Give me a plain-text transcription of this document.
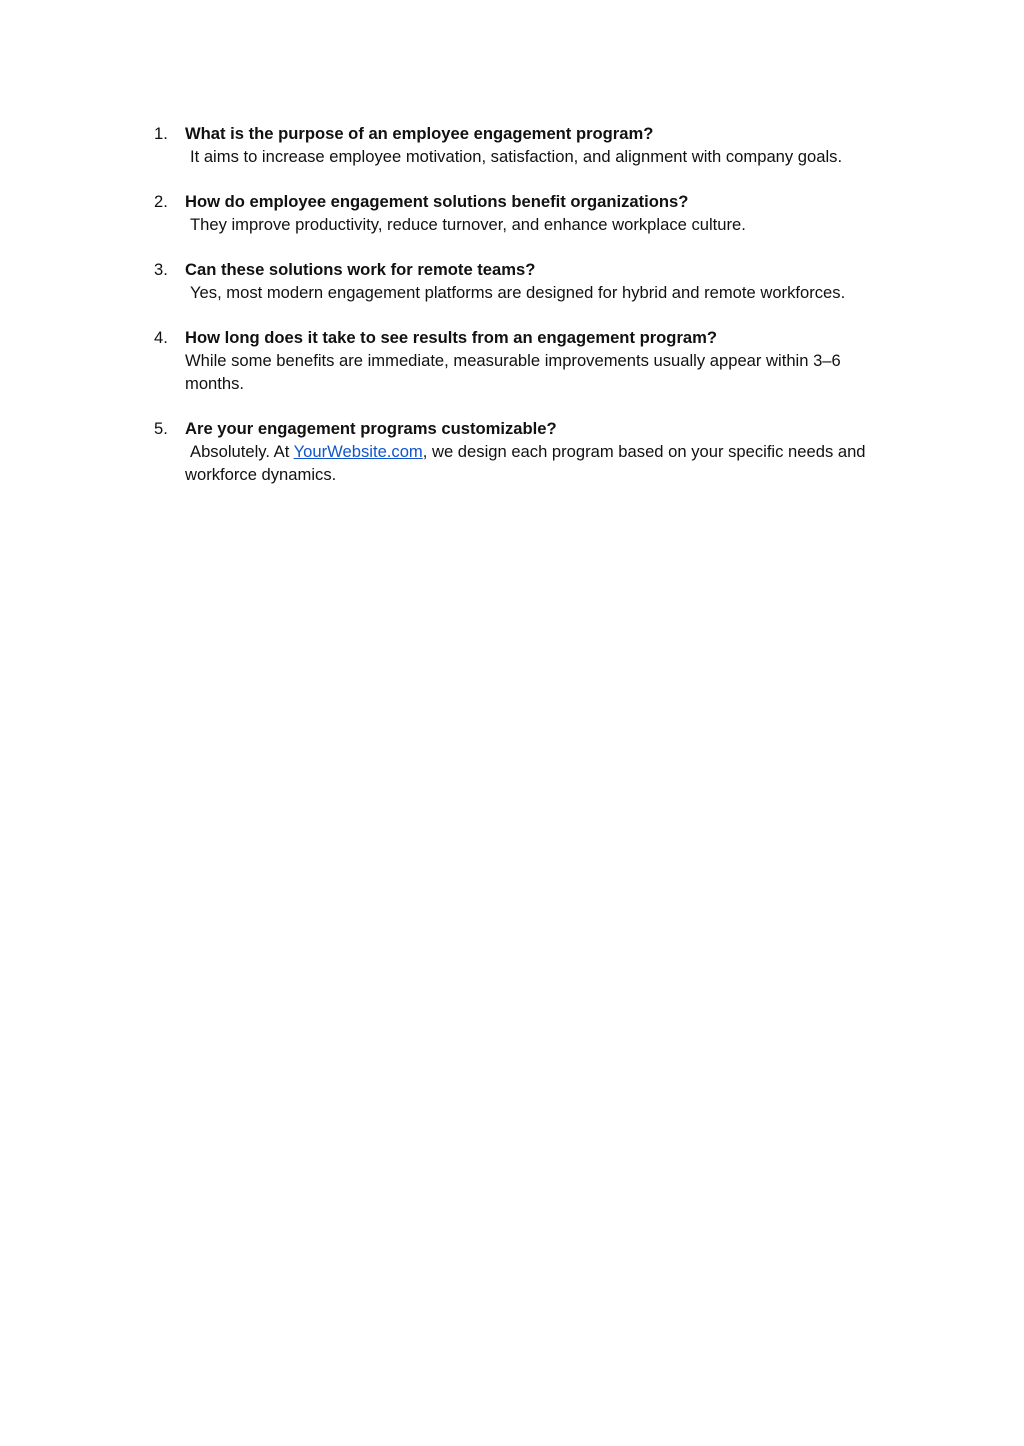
1.	What is the purpose of an employee engagement program?
It aims to increase employee motivation, satisfaction, and alignment with company goals.
2.	How do employee engagement solutions benefit organizations?
They improve productivity, reduce turnover, and enhance workplace culture.
3.	Can these solutions work for remote teams?
Yes, most modern engagement platforms are designed for hybrid and remote workforces.
4.	How long does it take to see results from an engagement program?
While some benefits are immediate, measurable improvements usually appear within 3–6 months.
5.	Are your engagement programs customizable?
Absolutely. At YourWebsite.com, we design each program based on your specific needs and workforce dynamics.
